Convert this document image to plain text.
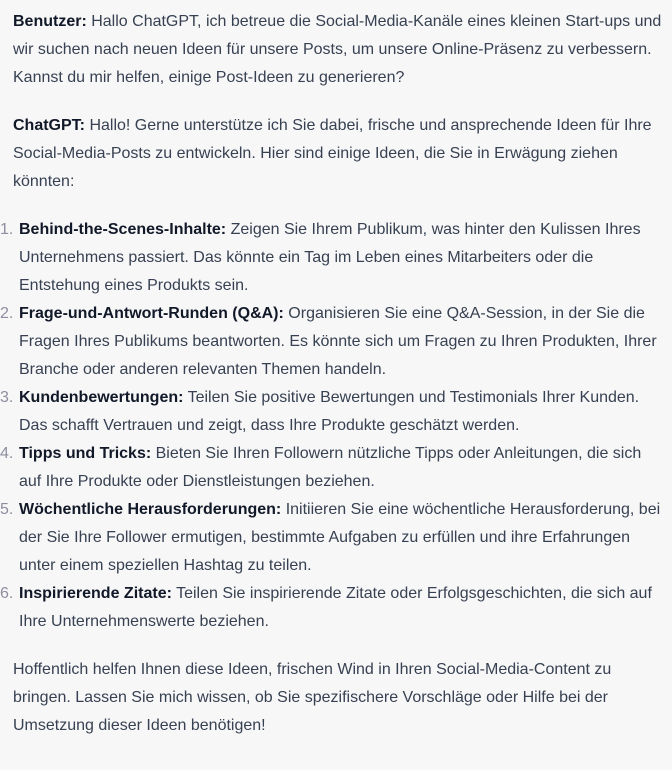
Benutzer: Hallo ChatGPT, ich betreue die Social-Media-Kanäle eines kleinen Start-ups und wir suchen nach neuen Ideen für unsere Posts, um unsere Online-Präsenz zu verbessern. Kannst du mir helfen, einige Post-Ideen zu generieren?

ChatGPT: Hallo! Gerne unterstütze ich Sie dabei, frische und ansprechende Ideen für Ihre Social-Media-Posts zu entwickeln. Hier sind einige Ideen, die Sie in Erwägung ziehen könnten:

1. Behind-the-Scenes-Inhalte: Zeigen Sie Ihrem Publikum, was hinter den Kulissen Ihres Unternehmens passiert. Das könnte ein Tag im Leben eines Mitarbeiters oder die Entstehung eines Produkts sein.
2. Frage-und-Antwort-Runden (Q&A): Organisieren Sie eine Q&A-Session, in der Sie die Fragen Ihres Publikums beantworten. Es könnte sich um Fragen zu Ihren Produkten, Ihrer Branche oder anderen relevanten Themen handeln.
3. Kundenbewertungen: Teilen Sie positive Bewertungen und Testimonials Ihrer Kunden. Das schafft Vertrauen und zeigt, dass Ihre Produkte geschätzt werden.
4. Tipps und Tricks: Bieten Sie Ihren Followern nützliche Tipps oder Anleitungen, die sich auf Ihre Produkte oder Dienstleistungen beziehen.
5. Wöchentliche Herausforderungen: Initiieren Sie eine wöchentliche Herausforderung, bei der Sie Ihre Follower ermutigen, bestimmte Aufgaben zu erfüllen und ihre Erfahrungen unter einem speziellen Hashtag zu teilen.
6. Inspirierende Zitate: Teilen Sie inspirierende Zitate oder Erfolgsgeschichten, die sich auf Ihre Unternehmenswerte beziehen.

Hoffentlich helfen Ihnen diese Ideen, frischen Wind in Ihren Social-Media-Content zu bringen. Lassen Sie mich wissen, ob Sie spezifischere Vorschläge oder Hilfe bei der Umsetzung dieser Ideen benötigen!
